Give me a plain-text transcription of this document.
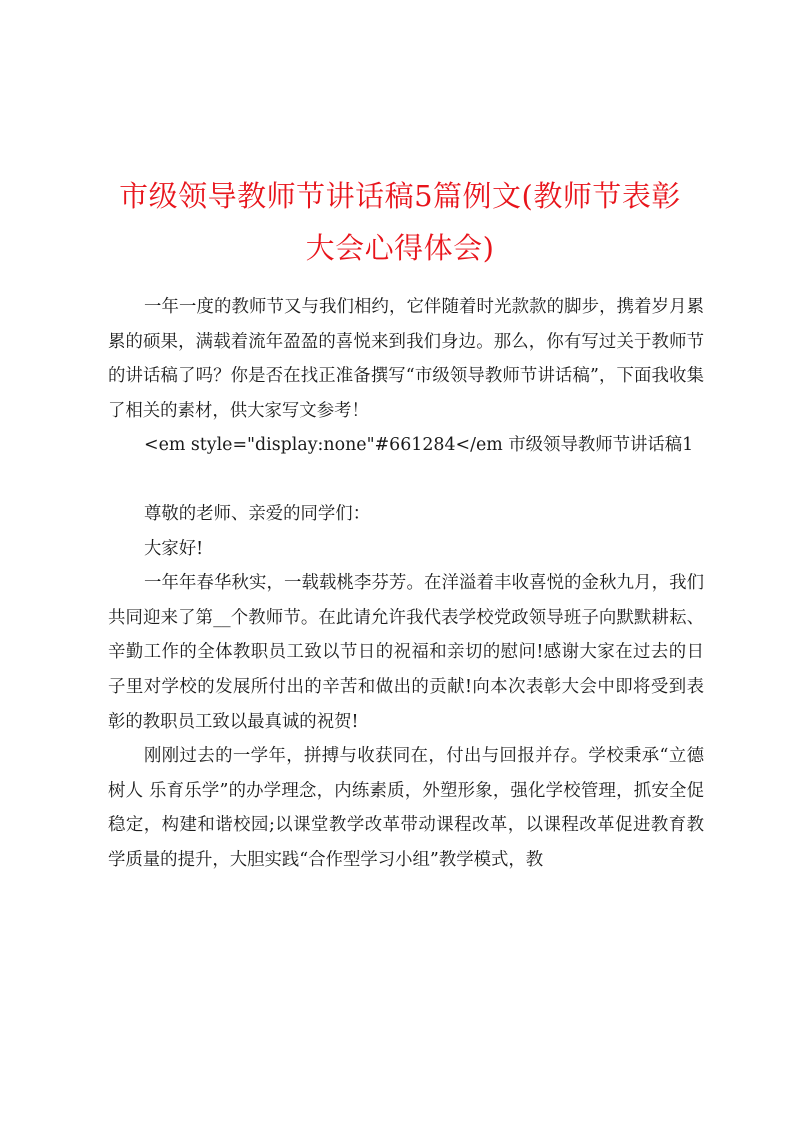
市级领导教师节讲话稿5篇例文(教师节表彰
大会心得体会)

一年一度的教师节又与我们相约，它伴随着时光款款的脚步，携着岁月累累的硕果，满载着流年盈盈的喜悦来到我们身边。那么，你有写过关于教师节的讲话稿了吗？你是否在找正准备撰写“市级领导教师节讲话稿”，下面我收集了相关的素材，供大家写文参考！

<em style="display:none"#661284</em 市级领导教师节讲话稿1

尊敬的老师、亲爱的同学们：

大家好!

一年年春华秋实，一载载桃李芬芳。在洋溢着丰收喜悦的金秋九月，我们共同迎来了第__个教师节。在此请允许我代表学校党政领导班子向默默耕耘、辛勤工作的全体教职员工致以节日的祝福和亲切的慰问!感谢大家在过去的日子里对学校的发展所付出的辛苦和做出的贡献!向本次表彰大会中即将受到表彰的教职员工致以最真诚的祝贺!

刚刚过去的一学年，拼搏与收获同在，付出与回报并存。学校秉承“立德树人 乐育乐学”的办学理念，内练素质，外塑形象，强化学校管理，抓安全促稳定，构建和谐校园;以课堂教学改革带动课程改革，以课程改革促进教育教学质量的提升，大胆实践“合作型学习小组”教学模式，教
